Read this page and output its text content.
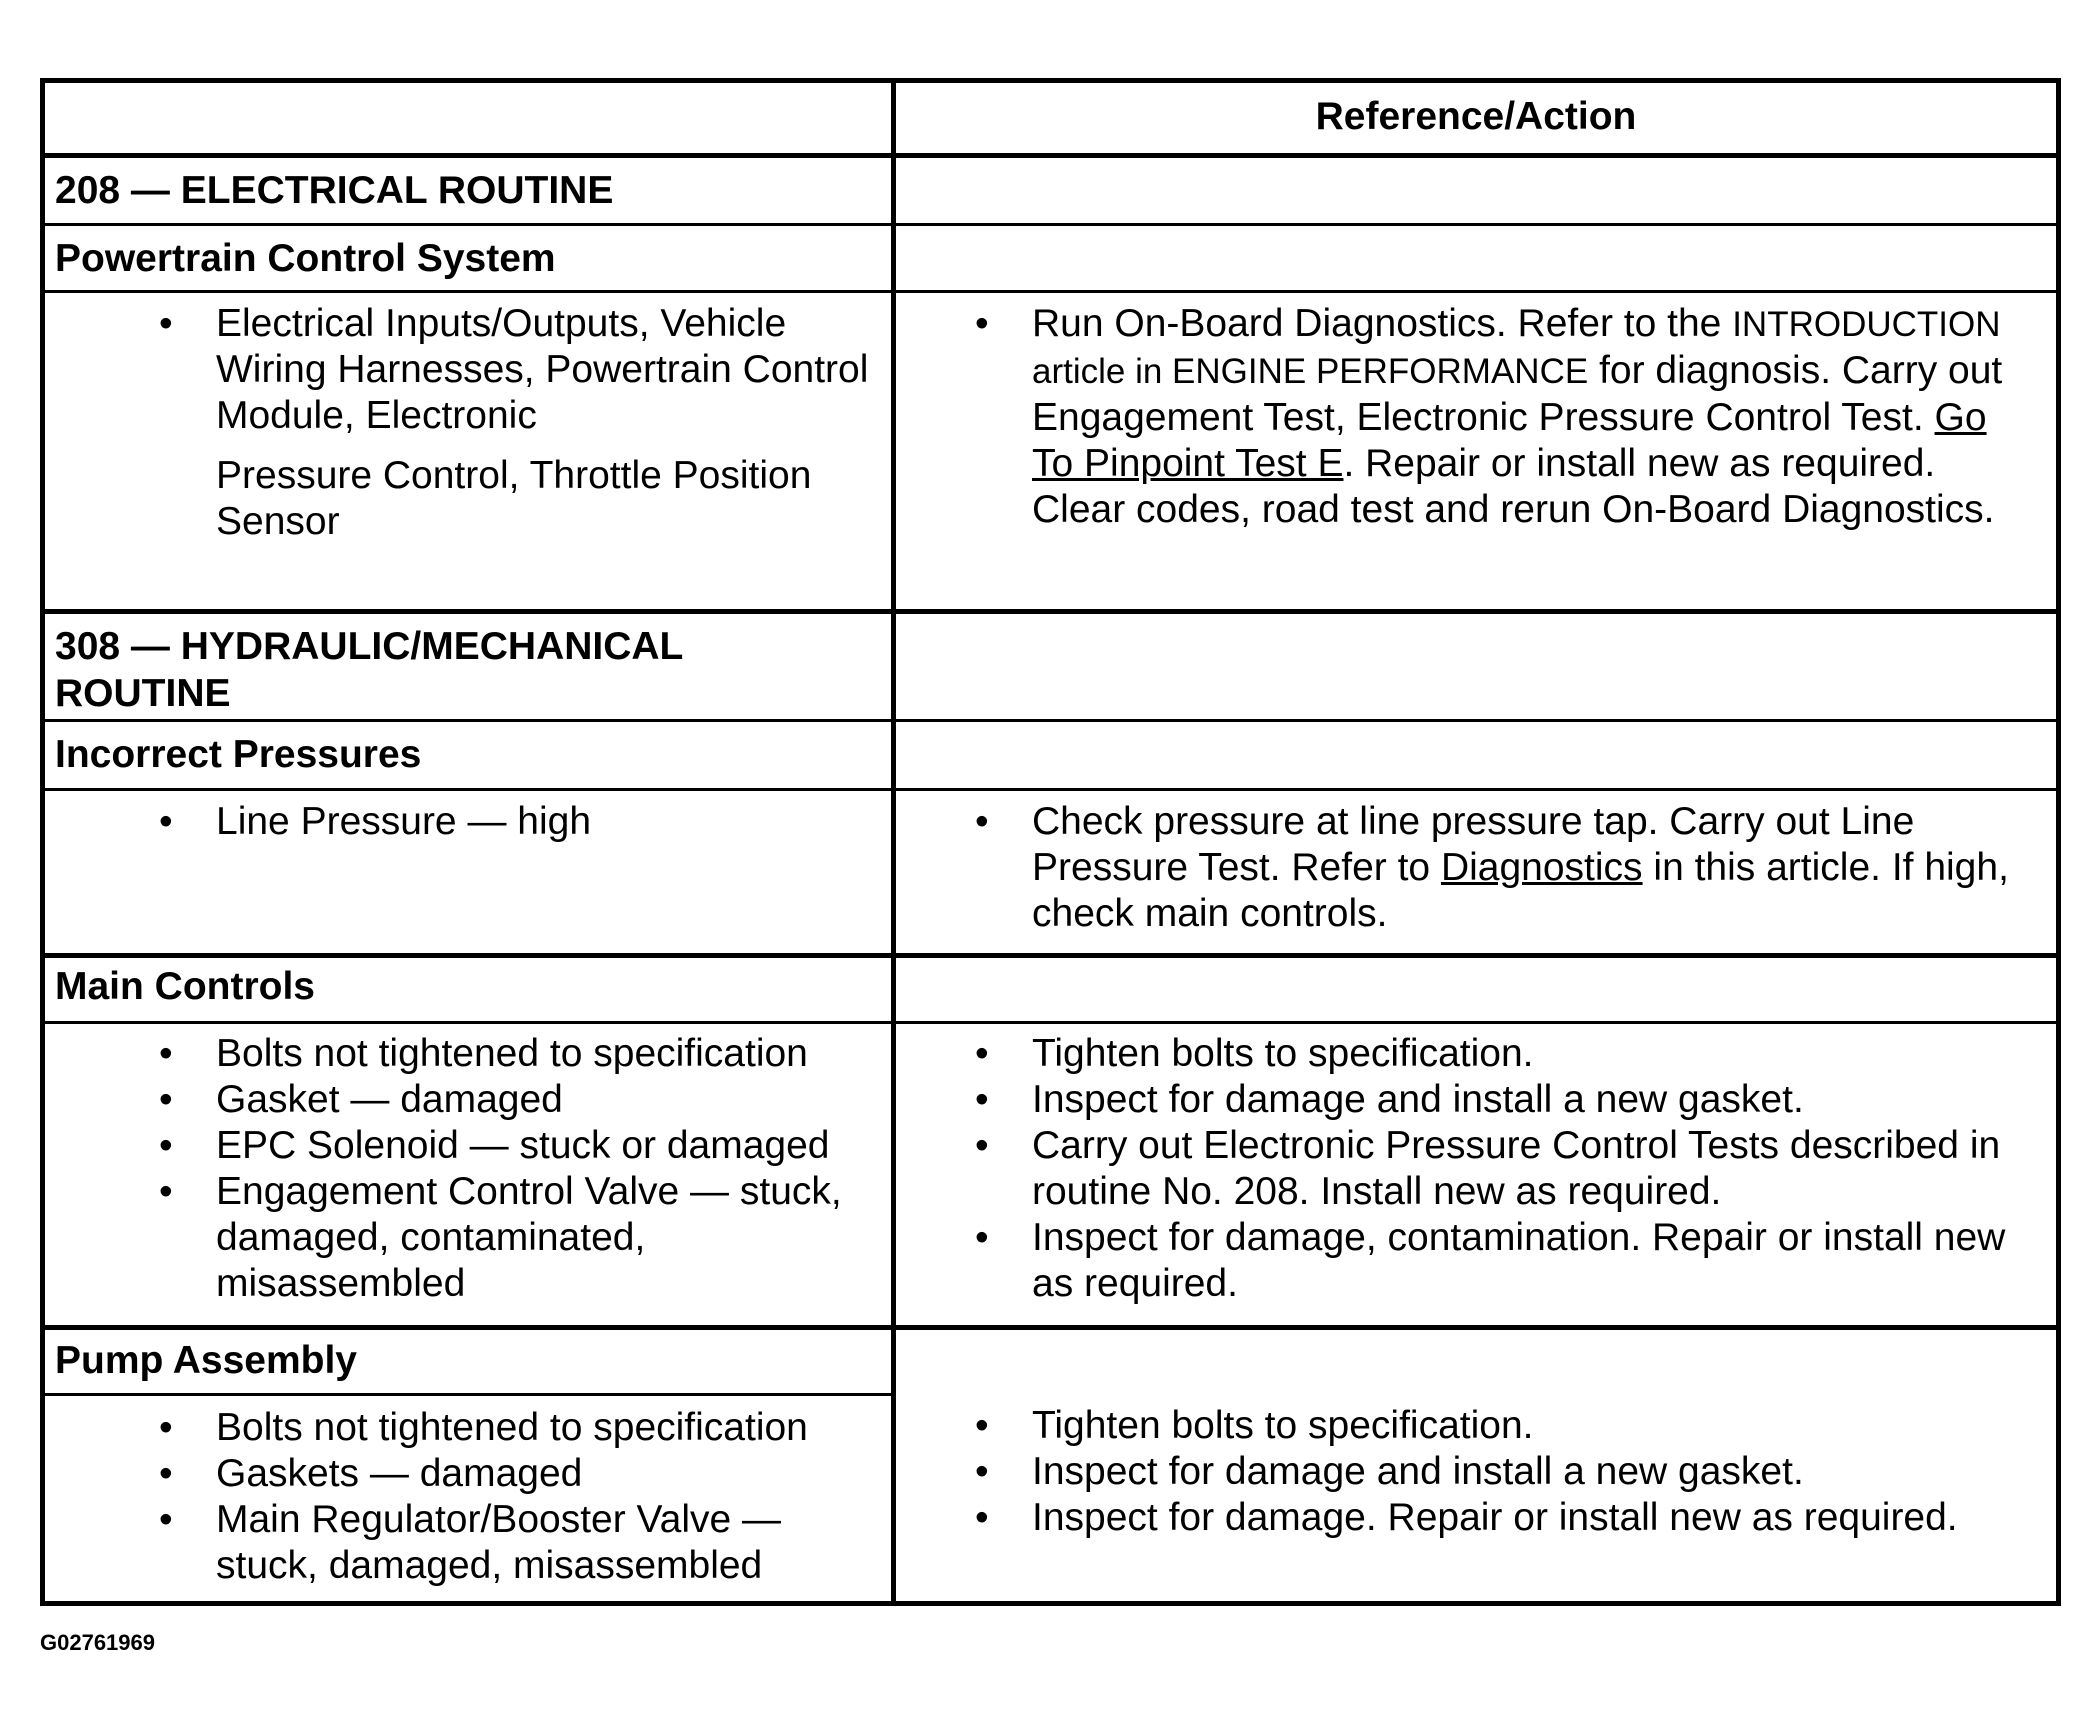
Reference/Action
208 — ELECTRICAL ROUTINE
Powertrain Control System
• Electrical Inputs/Outputs, Vehicle Wiring Harnesses, Powertrain Control Module, Electronic
Pressure Control, Throttle Position Sensor
• Run On-Board Diagnostics. Refer to the INTRODUCTION article in ENGINE PERFORMANCE for diagnosis. Carry out Engagement Test, Electronic Pressure Control Test. Go To Pinpoint Test E. Repair or install new as required. Clear codes, road test and rerun On-Board Diagnostics.
308 — HYDRAULIC/MECHANICAL ROUTINE
Incorrect Pressures
• Line Pressure — high
•	Check pressure at line pressure tap. Carry out Line Pressure Test. Refer to Diagnostics in this article. If high, check main controls.
Main Controls
• Bolts not tightened to specification
• Gasket — damaged
• EPC Solenoid — stuck or damaged
• Engagement Control Valve — stuck, damaged, contaminated, misassembled
• Tighten bolts to specification.
• Inspect for damage and install a new gasket.
• Carry out Electronic Pressure Control Tests described in routine No. 208. Install new as required.
• Inspect for damage, contamination. Repair or install new as required.
Pump Assembly
• Bolts not tightened to specification
• Gaskets — damaged
• Main Regulator/Booster Valve — stuck, damaged, misassembled
• Tighten bolts to specification.
• Inspect for damage and install a new gasket.
• Inspect for damage. Repair or install new as required.
G02761969
